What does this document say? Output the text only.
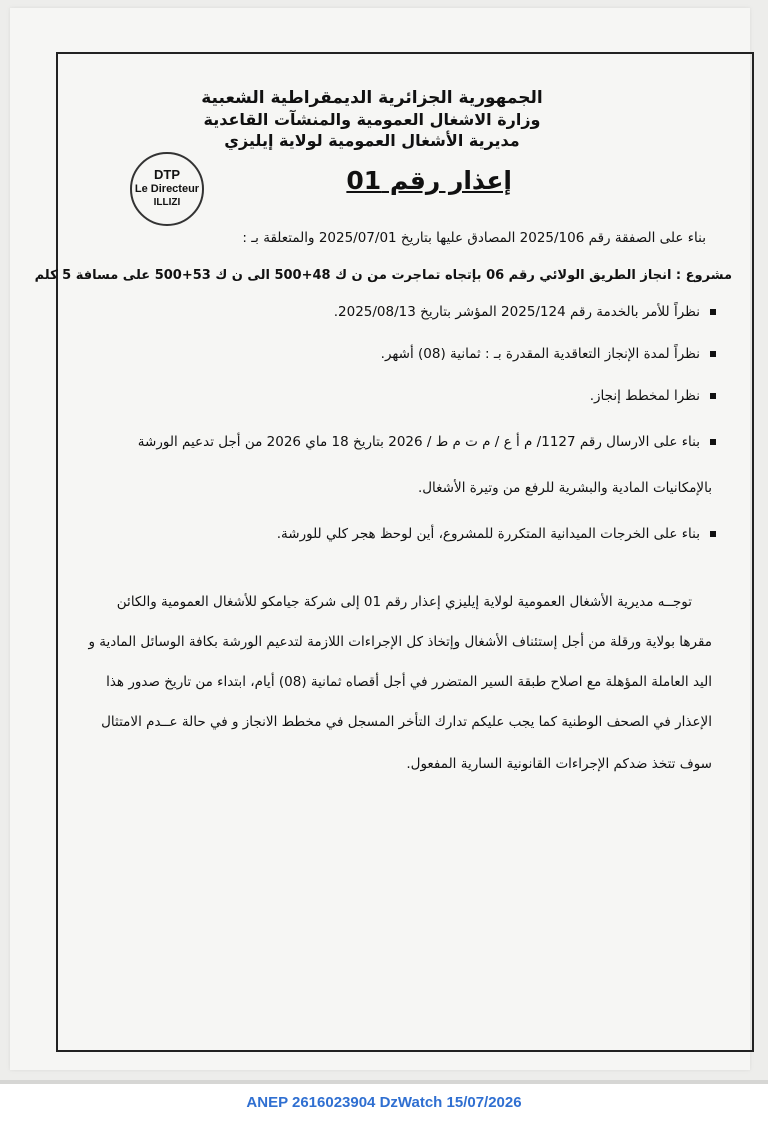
الجمهورية الجزائرية الديمقراطية الشعبية
وزارة الاشغال العمومية والمنشآت القاعدية
مديرية الأشغال العمومية لولاية إيليزي
إعذار رقم 01
DTP
Le Directeur
ILLIZI
بناء على الصفقة رقم 2025/106 المصادق عليها بتاريخ 2025/07/01 والمتعلقة بـ :
مشروع : انجاز الطريق الولائي رقم 06 بإتجاه تماجرت من ن ك 48+500 الى ن ك 53+500 على مسافة 5 كلم
نظراً للأمر بالخدمة رقم 2025/124 المؤشر بتاريخ 2025/08/13.
نظراً لمدة الإنجاز التعاقدية المقدرة بـ : ثمانية (08) أشهر.
نظرا لمخطط إنجاز.
بناء على الارسال رقم 1127/ م أ ع / م ت م ط / 2026 بتاريخ 18 ماي 2026 من أجل تدعيم الورشة
بالإمكانيات المادية والبشرية للرفع من وتيرة الأشغال.
بناء على الخرجات الميدانية المتكررة للمشروع، أين لوحظ هجر كلي للورشة.
توجــه مديرية الأشغال العمومية لولاية إيليزي إعذار رقم 01 إلى شركة جيامكو للأشغال العمومية والكائن
مقرها بولاية ورقلة من أجل إستئناف الأشغال وإتخاذ كل الإجراءات اللازمة لتدعيم الورشة بكافة الوسائل المادية و
اليد العاملة المؤهلة مع اصلاح طبقة السير المتضرر في أجل أقصاه ثمانية (08) أيام، ابتداء من تاريخ صدور هذا
الإعذار في الصحف الوطنية كما يجب عليكم تدارك التأخر المسجل في مخطط الانجاز و في حالة عــدم الامتثال
سوف تتخذ ضدكم الإجراءات القانونية السارية المفعول.
ANEP 2616023904 DzWatch 15/07/2026
